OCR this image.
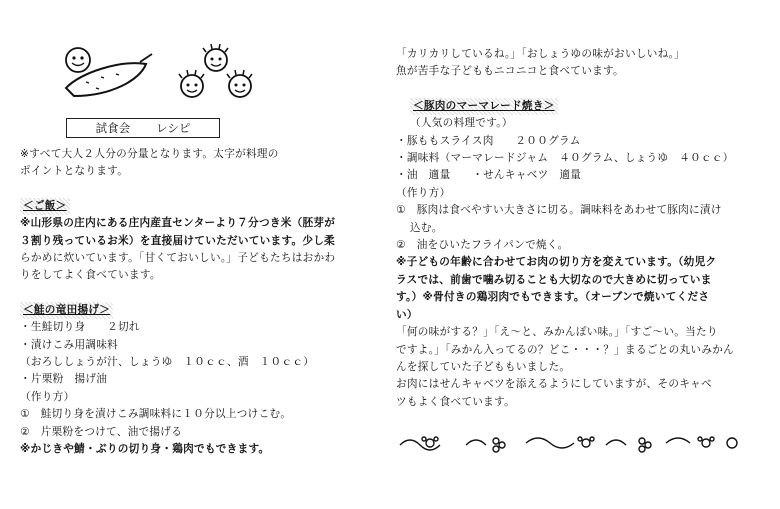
試食会 レシピ
※すべて大人２人分の分量となります。太字が料理の
ポイントとなります。
＜ご飯＞
※山形県の庄内にある庄内産直センターより７分つき米（胚芽が
３割り残っているお米）を直接届けていただいています。少し柔
らかめに炊いています。「甘くておいしい。」子どもたちはおかわ
りをしてよく食べています。
＜鮭の竜田揚げ＞
・生鮭切り身　　２切れ
・漬けこみ用調味料
（おろししょうが汁、しょうゆ　１０ｃｃ、酒　１０ｃｃ）
・片栗粉　揚げ油
（作り方）
①　鮭切り身を漬けこみ調味料に１０分以上つけこむ。
②　片栗粉をつけて、油で揚げる
※かじきや鯖・ぶりの切り身・鶏肉でもできます。
「カリカリしているね。」「おしょうゆの味がおいしいね。」
魚が苦手な子どももニコニコと食べています。
＜豚肉のマーマレード焼き＞
（人気の料理です。）
・豚ももスライス肉　　２００グラム
・調味料（マーマレードジャム　４０グラム、しょうゆ　４０ｃｃ）
・油　適量　　・せんキャベツ　適量
（作り方）
①　豚肉は食べやすい大きさに切る。調味料をあわせて豚肉に漬け
込む。
②　油をひいたフライパンで焼く。
※子どもの年齢に合わせてお肉の切り方を変えています。（幼児ク
ラスでは、前歯で噛み切ることも大切なので大きめに切っていま
す。）※骨付きの鶏羽肉でもできます。（オーブンで焼いてくださ
い）
「何の味がする？」「え～と、みかんぽい味。」「すご～い。当たり
ですよ。」「みかん入ってるの？どこ・・・？」まるごとの丸いみかん
んを探していた子どももいました。
お肉にはせんキャベツを添えるようにしていますが、そのキャベ
ツもよく食べています。
